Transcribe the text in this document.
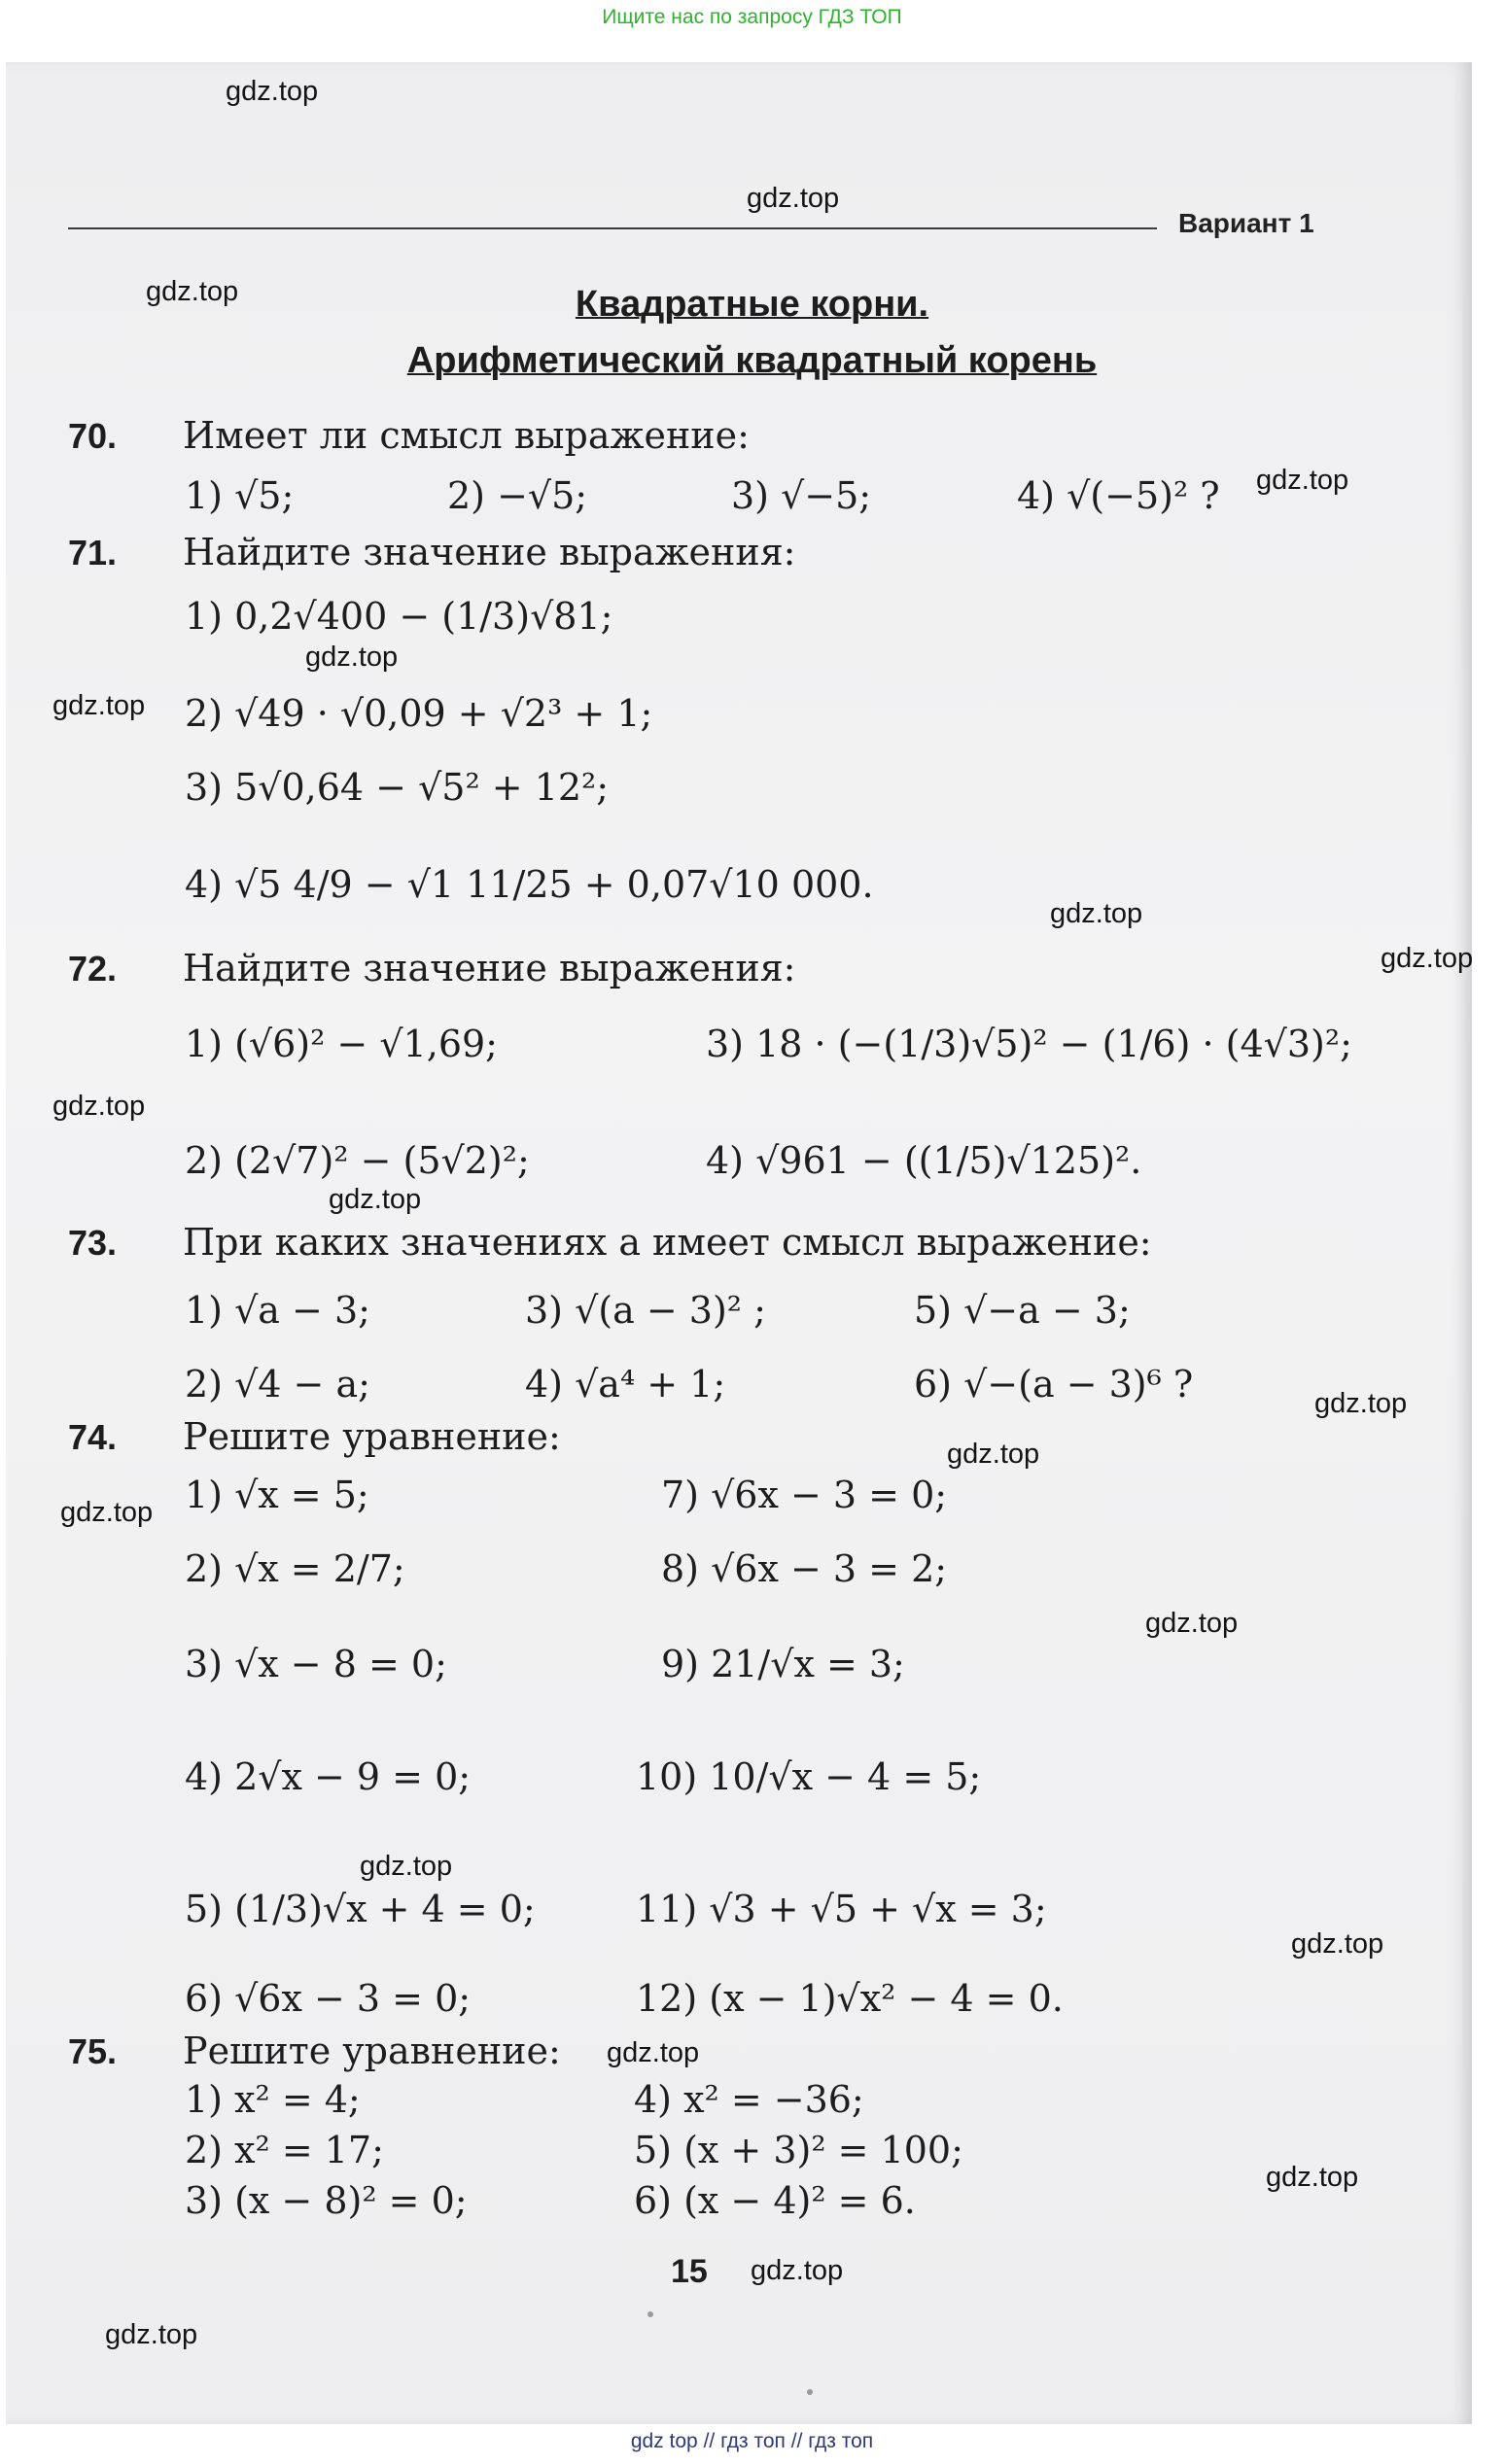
Ищите нас по запросу ГДЗ ТОП
Вариант 1
Квадратные корни.
Арифметический квадратный корень
70. Имеет ли смысл выражение:
1) √5;	2) −√5;	3) √−5;	4) √(−5)² ?
71. Найдите значение выражения:
1) 0,2√400 − (1/3)√81;
2) √49 · √0,09 + √2³ + 1;
3) 5√0,64 − √5² + 12²;
4) √5 4/9 − √1 11/25 + 0,07√10 000.
72. Найдите значение выражения:
1) (√6)² − √1,69;	3) 18 · (−(1/3)√5)² − (1/6) · (4√3)²;
2) (2√7)² − (5√2)²;	4) √961 − ((1/5)√125)².
73. При каких значениях a имеет смысл выражение:
1) √a − 3;	3) √(a − 3)² ;	5) √−a − 3;
2) √4 − a;	4) √a⁴ + 1;	6) √−(a − 3)⁶ ?
74. Решите уравнение:
1) √x = 5;	7) √6x − 3 = 0;
2) √x = 2/7;	8) √6x − 3 = 2;
3) √x − 8 = 0;	9) 21/√x = 3;
4) 2√x − 9 = 0;	10) 10/√x − 4 = 5;
5) (1/3)√x + 4 = 0;	11) √3 + √5 + √x = 3;
6) √6x − 3 = 0;	12) (x − 1)√x² − 4 = 0.
75. Решите уравнение:
1) x² = 4;	4) x² = −36;
2) x² = 17;	5) (x + 3)² = 100;
3) (x − 8)² = 0;	6) (x − 4)² = 6.
15
gdz.top
gdz.top
gdz.top
gdz.top
gdz.top
gdz.top
gdz.top
gdz.top
gdz.top
gdz.top
gdz.top
gdz.top
gdz.top
gdz.top
gdz.top
gdz.top
gdz.top
gdz.top
gdz.top
gdz.top
gdz top // гдз топ // гдз топ
